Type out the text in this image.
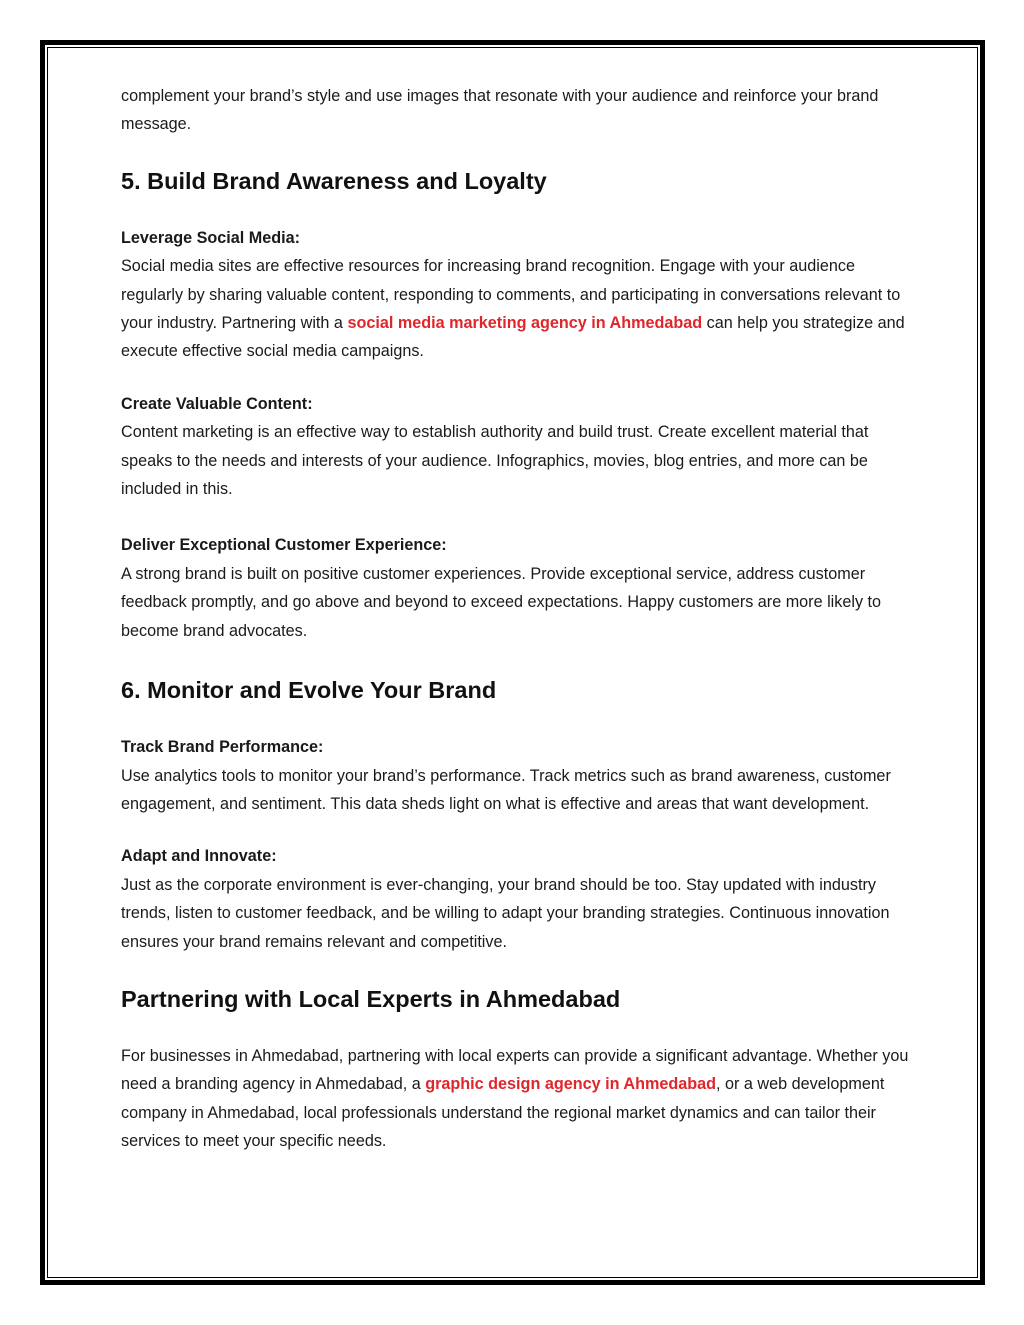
complement your brand’s style and use images that resonate with your audience and reinforce your brand message.

5. Build Brand Awareness and Loyalty

Leverage Social Media:

Social media sites are effective resources for increasing brand recognition. Engage with your audience regularly by sharing valuable content, responding to comments, and participating in conversations relevant to your industry. Partnering with a social media marketing agency in Ahmedabad can help you strategize and execute effective social media campaigns.

Create Valuable Content:

Content marketing is an effective way to establish authority and build trust. Create excellent material that speaks to the needs and interests of your audience. Infographics, movies, blog entries, and more can be included in this.

Deliver Exceptional Customer Experience:

A strong brand is built on positive customer experiences. Provide exceptional service, address customer feedback promptly, and go above and beyond to exceed expectations. Happy customers are more likely to become brand advocates.

6. Monitor and Evolve Your Brand

Track Brand Performance:

Use analytics tools to monitor your brand’s performance. Track metrics such as brand awareness, customer engagement, and sentiment. This data sheds light on what is effective and areas that want development.

Adapt and Innovate:

Just as the corporate environment is ever-changing, your brand should be too. Stay updated with industry trends, listen to customer feedback, and be willing to adapt your branding strategies. Continuous innovation ensures your brand remains relevant and competitive.

Partnering with Local Experts in Ahmedabad

For businesses in Ahmedabad, partnering with local experts can provide a significant advantage. Whether you need a branding agency in Ahmedabad, a graphic design agency in Ahmedabad, or a web development company in Ahmedabad, local professionals understand the regional market dynamics and can tailor their services to meet your specific needs.
